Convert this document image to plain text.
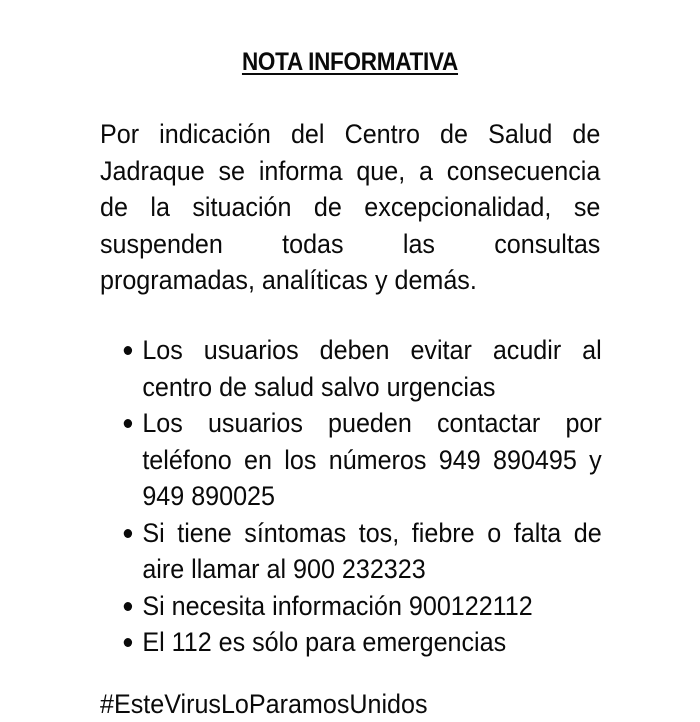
NOTA INFORMATIVA
Por indicación del Centro de Salud de
Jadraque se informa que, a consecuencia
de la situación de excepcionalidad, se
suspenden todas las consultas
programadas, analíticas y demás.
Los usuarios deben evitar acudir al
centro de salud salvo urgencias
Los usuarios pueden contactar por
teléfono en los números 949 890495 y
949 890025
Si tiene síntomas tos, fiebre o falta de
aire llamar al 900 232323
Si necesita información 900122112
El 112 es sólo para emergencias
#EsteVirusLoParamosUnidos
